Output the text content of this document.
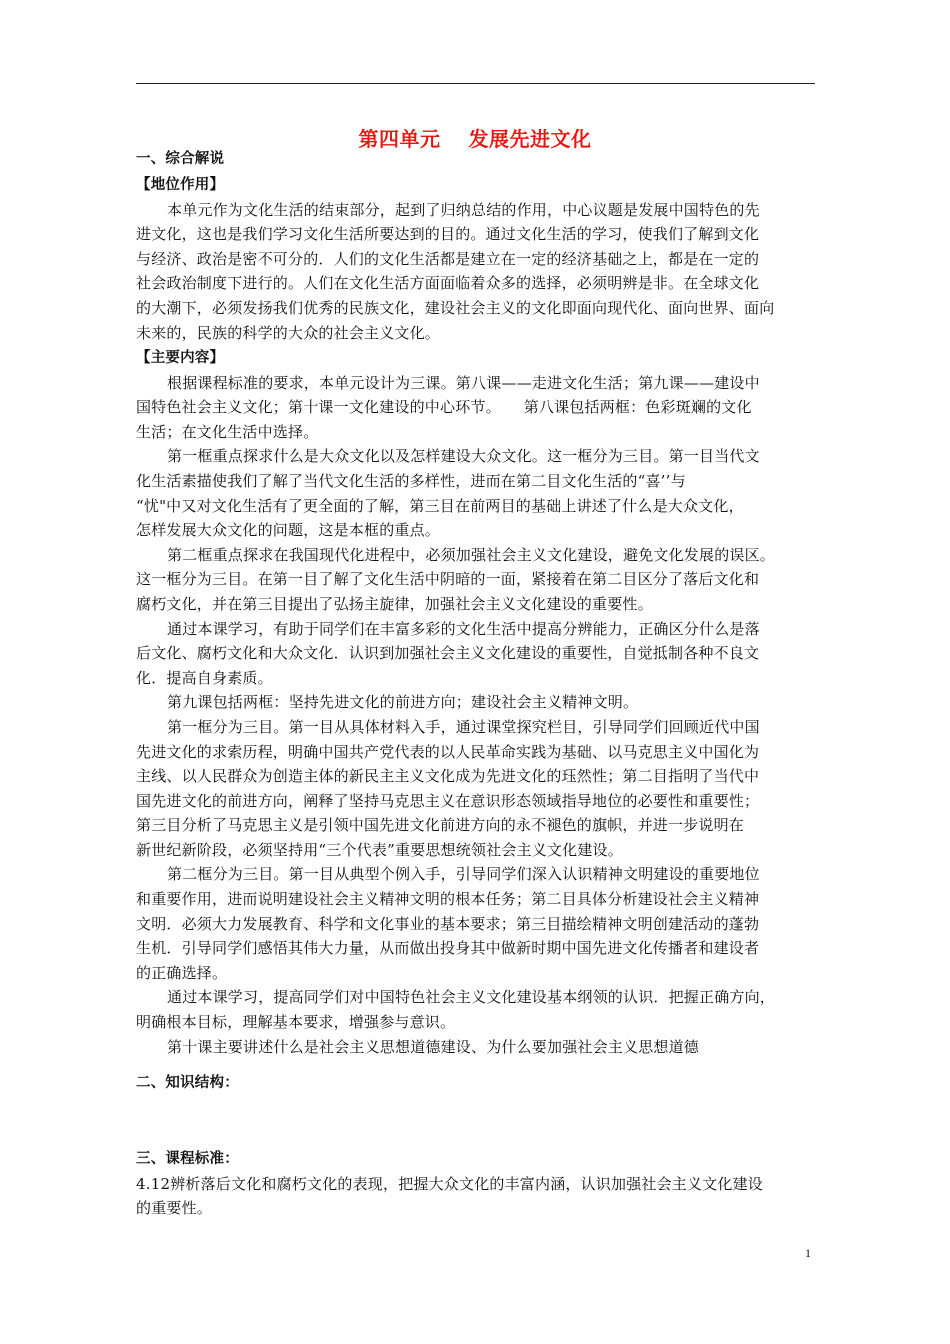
第四单元　 发展先进文化
一、综合解说
【地位作用】
本单元作为文化生活的结束部分，起到了归纳总结的作用，中心议题是发展中国特色的先
进文化，这也是我们学习文化生活所要达到的目的。通过文化生活的学习，使我们了解到文化
与经济、政治是密不可分的．人们的文化生活都是建立在一定的经济基础之上，都是在一定的
社会政治制度下进行的。人们在文化生活方面面临着众多的选择，必须明辨是非。在全球文化
的大潮下，必须发扬我们优秀的民族文化，建设社会主义的文化即面向现代化、面向世界、面向
未来的，民族的科学的大众的社会主义文化。
【主要内容】
根据课程标准的要求，本单元设计为三课。第八课——走进文化生活；第九课——建设中
国特色社会主义文化；第十课一文化建设的中心环节。　　第八课包括两框：色彩斑斓的文化
生活；在文化生活中选择。
第一框重点探求什么是大众文化以及怎样建设大众文化。这一框分为三目。第一目当代文
化生活素描使我们了解了当代文化生活的多样性，进而在第二目文化生活的“喜’’与
“忧"中又对文化生活有了更全面的了解，第三目在前两目的基础上讲述了什么是大众文化，
怎样发展大众文化的问题，这是本框的重点。
第二框重点探求在我国现代化进程中，必须加强社会主义文化建设，避免文化发展的误区。
这一框分为三目。在第一目了解了文化生活中阴暗的一面，紧接着在第二目区分了落后文化和
腐朽文化，并在第三目提出了弘扬主旋律，加强社会主义文化建设的重要性。
通过本课学习，有助于同学们在丰富多彩的文化生活中提高分辨能力，正确区分什么是落
后文化、腐朽文化和大众文化．认识到加强社会主义文化建设的重要性，自觉抵制各种不良文
化．提高自身素质。
第九课包括两框：坚持先进文化的前进方向；建设社会主义精神文明。
第一框分为三目。第一目从具体材料入手，通过课堂探究栏目，引导同学们回顾近代中国
先进文化的求索历程，明确中国共产党代表的以人民革命实践为基础、以马克思主义中国化为
主线、以人民群众为创造主体的新民主主义文化成为先进文化的珏然性；第二目指明了当代中
国先进文化的前进方向，阐释了坚持马克思主义在意识形态领域指导地位的必要性和重要性；
第三目分析了马克思主义是引领中国先进文化前进方向的永不褪色的旗帜，并进一步说明在
新世纪新阶段，必须坚持用“三个代表”重要思想统领社会主义文化建设。
第二框分为三目。第一目从典型个例入手，引导同学们深入认识精神文明建设的重要地位
和重要作用，进而说明建设社会主义精神文明的根本任务；第二目具体分析建设社会主义精神
文明．必须大力发展教育、科学和文化事业的基本要求；第三目描绘精神文明创建活动的蓬勃
生机．引导同学们感悟其伟大力量，从而做出投身其中做新时期中国先进文化传播者和建设者
的正确选择。
通过本课学习，提高同学们对中国特色社会主义文化建设基本纲领的认识．把握正确方向，
明确根本目标，理解基本要求，增强参与意识。
第十课主要讲述什么是社会主义思想道德建设、为什么要加强社会主义思想道德
二、知识结构：
三、课程标准：
4.12辨析落后文化和腐朽文化的表现，把握大众文化的丰富内涵，认识加强社会主义文化建设
的重要性。
1
